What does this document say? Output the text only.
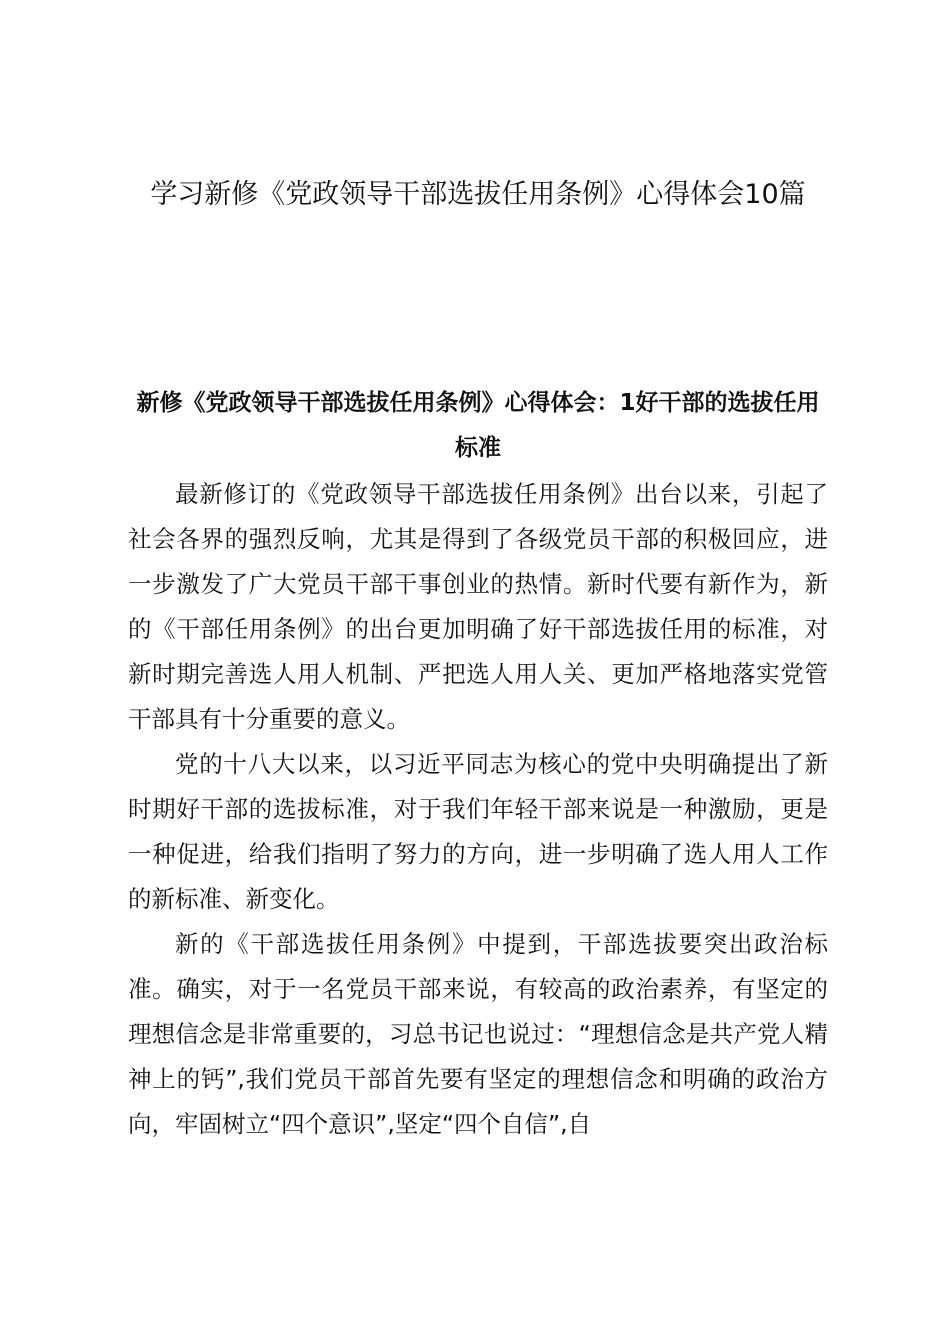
学习新修《党政领导干部选拔任用条例》心得体会10篇
新修《党政领导干部选拔任用条例》心得体会：1好干部的选拔任用标准

最新修订的《党政领导干部选拔任用条例》出台以来，引起了社会各界的强烈反响，尤其是得到了各级党员干部的积极回应，进一步激发了广大党员干部干事创业的热情。新时代要有新作为，新的《干部任用条例》的出台更加明确了好干部选拔任用的标准，对新时期完善选人用人机制、严把选人用人关、更加严格地落实党管干部具有十分重要的意义。

党的十八大以来，以习近平同志为核心的党中央明确提出了新时期好干部的选拔标准，对于我们年轻干部来说是一种激励，更是一种促进，给我们指明了努力的方向，进一步明确了选人用人工作的新标准、新变化。

新的《干部选拔任用条例》中提到，干部选拔要突出政治标准。确实，对于一名党员干部来说，有较高的政治素养，有坚定的理想信念是非常重要的，习总书记也说过：“理想信念是共产党人精神上的钙”,我们党员干部首先要有坚定的理想信念和明确的政治方向，牢固树立“四个意识”,坚定“四个自信”,自
